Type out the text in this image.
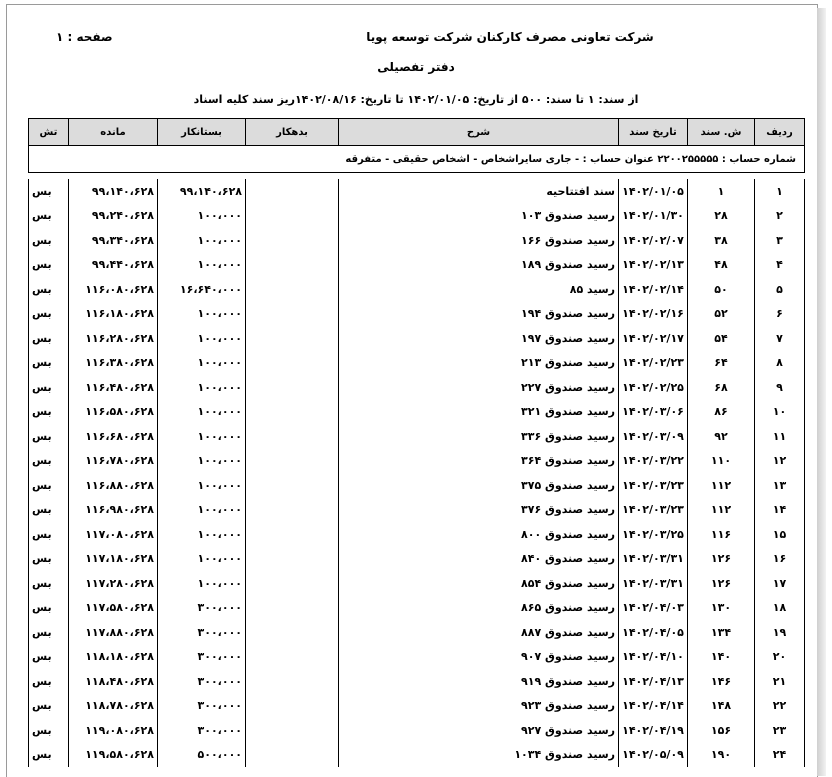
شرکت تعاونی مصرف کارکنان شرکت توسعه پویا
صفحه : ۱
دفتر تفصیلی
از سند: ۱ تا سند: ۵۰۰ از تاریخ: ۱۴۰۲/۰۱/۰۵ تا تاریخ: ۱۴۰۲/۰۸/۱۶ریز سند کلیه اسناد
ردیف	ش. سند	تاریخ سند	شرح	بدهکار	بستانکار	مانده	تش
شماره حساب : ۲۲۰۰۲۵۵۵۵۵ عنوان حساب : - جاری سایراشخاص - اشخاص حقیقی - متفرقه							

۱	۱	۱۴۰۲/۰۱/۰۵	سند افتتاحیه		۹۹،۱۴۰،۶۲۸	۹۹،۱۴۰،۶۲۸	بس
۲	۲۸	۱۴۰۲/۰۱/۳۰	رسید صندوق ۱۰۳		۱۰۰،۰۰۰	۹۹،۲۴۰،۶۲۸	بس
۳	۳۸	۱۴۰۲/۰۲/۰۷	رسید صندوق ۱۶۶		۱۰۰،۰۰۰	۹۹،۳۴۰،۶۲۸	بس
۴	۴۸	۱۴۰۲/۰۲/۱۳	رسید صندوق ۱۸۹		۱۰۰،۰۰۰	۹۹،۴۴۰،۶۲۸	بس
۵	۵۰	۱۴۰۲/۰۲/۱۴	رسید ۸۵		۱۶،۶۴۰،۰۰۰	۱۱۶،۰۸۰،۶۲۸	بس
۶	۵۲	۱۴۰۲/۰۲/۱۶	رسید صندوق ۱۹۴		۱۰۰،۰۰۰	۱۱۶،۱۸۰،۶۲۸	بس
۷	۵۴	۱۴۰۲/۰۲/۱۷	رسید صندوق ۱۹۷		۱۰۰،۰۰۰	۱۱۶،۲۸۰،۶۲۸	بس
۸	۶۴	۱۴۰۲/۰۲/۲۳	رسید صندوق ۲۱۳		۱۰۰،۰۰۰	۱۱۶،۳۸۰،۶۲۸	بس
۹	۶۸	۱۴۰۲/۰۲/۲۵	رسید صندوق ۲۲۷		۱۰۰،۰۰۰	۱۱۶،۴۸۰،۶۲۸	بس
۱۰	۸۶	۱۴۰۲/۰۳/۰۶	رسید صندوق ۳۲۱		۱۰۰،۰۰۰	۱۱۶،۵۸۰،۶۲۸	بس
۱۱	۹۲	۱۴۰۲/۰۳/۰۹	رسید صندوق ۳۳۶		۱۰۰،۰۰۰	۱۱۶،۶۸۰،۶۲۸	بس
۱۲	۱۱۰	۱۴۰۲/۰۳/۲۲	رسید صندوق ۳۶۴		۱۰۰،۰۰۰	۱۱۶،۷۸۰،۶۲۸	بس
۱۳	۱۱۲	۱۴۰۲/۰۳/۲۳	رسید صندوق ۳۷۵		۱۰۰،۰۰۰	۱۱۶،۸۸۰،۶۲۸	بس
۱۴	۱۱۲	۱۴۰۲/۰۳/۲۳	رسید صندوق ۳۷۶		۱۰۰،۰۰۰	۱۱۶،۹۸۰،۶۲۸	بس
۱۵	۱۱۶	۱۴۰۲/۰۳/۲۵	رسید صندوق ۸۰۰		۱۰۰،۰۰۰	۱۱۷،۰۸۰،۶۲۸	بس
۱۶	۱۲۶	۱۴۰۲/۰۳/۳۱	رسید صندوق ۸۴۰		۱۰۰،۰۰۰	۱۱۷،۱۸۰،۶۲۸	بس
۱۷	۱۲۶	۱۴۰۲/۰۳/۳۱	رسید صندوق ۸۵۴		۱۰۰،۰۰۰	۱۱۷،۲۸۰،۶۲۸	بس
۱۸	۱۳۰	۱۴۰۲/۰۴/۰۳	رسید صندوق ۸۶۵		۳۰۰،۰۰۰	۱۱۷،۵۸۰،۶۲۸	بس
۱۹	۱۳۴	۱۴۰۲/۰۴/۰۵	رسید صندوق ۸۸۷		۳۰۰،۰۰۰	۱۱۷،۸۸۰،۶۲۸	بس
۲۰	۱۴۰	۱۴۰۲/۰۴/۱۰	رسید صندوق ۹۰۷		۳۰۰،۰۰۰	۱۱۸،۱۸۰،۶۲۸	بس
۲۱	۱۴۶	۱۴۰۲/۰۴/۱۳	رسید صندوق ۹۱۹		۳۰۰،۰۰۰	۱۱۸،۴۸۰،۶۲۸	بس
۲۲	۱۴۸	۱۴۰۲/۰۴/۱۴	رسید صندوق ۹۲۳		۳۰۰،۰۰۰	۱۱۸،۷۸۰،۶۲۸	بس
۲۳	۱۵۶	۱۴۰۲/۰۴/۱۹	رسید صندوق ۹۲۷		۳۰۰،۰۰۰	۱۱۹،۰۸۰،۶۲۸	بس
۲۴	۱۹۰	۱۴۰۲/۰۵/۰۹	رسید صندوق ۱۰۳۴		۵۰۰،۰۰۰	۱۱۹،۵۸۰،۶۲۸	بس
